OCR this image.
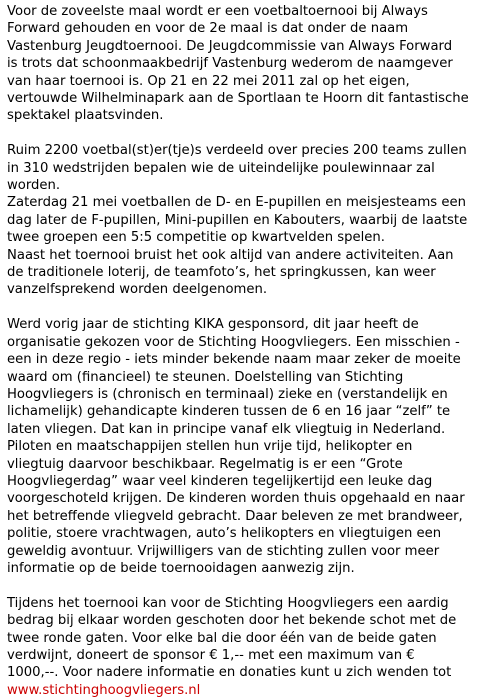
Voor de zoveelste maal wordt er een voetbaltoernooi bij Always
Forward gehouden en voor de 2e maal is dat onder de naam
Vastenburg Jeugdtoernooi. De Jeugdcommissie van Always Forward
is trots dat schoonmaakbedrijf Vastenburg wederom de naamgever
van haar toernooi is. Op 21 en 22 mei 2011 zal op het eigen,
vertouwde Wilhelminapark aan de Sportlaan te Hoorn dit fantastische
spektakel plaatsvinden.

Ruim 2200 voetbal(st)er(tje)s verdeeld over precies 200 teams zullen
in 310 wedstrijden bepalen wie de uiteindelijke poulewinnaar zal
worden.
Zaterdag 21 mei voetballen de D- en E-pupillen en meisjesteams een
dag later de F-pupillen, Mini-pupillen en Kabouters, waarbij de laatste
twee groepen een 5:5 competitie op kwartvelden spelen.
Naast het toernooi bruist het ook altijd van andere activiteiten. Aan
de traditionele loterij, de teamfoto’s, het springkussen, kan weer
vanzelfsprekend worden deelgenomen.

Werd vorig jaar de stichting KIKA gesponsord, dit jaar heeft de
organisatie gekozen voor de Stichting Hoogvliegers. Een misschien -
een in deze regio - iets minder bekende naam maar zeker de moeite
waard om (financieel) te steunen. Doelstelling van Stichting
Hoogvliegers is (chronisch en terminaal) zieke en (verstandelijk en
lichamelijk) gehandicapte kinderen tussen de 6 en 16 jaar “zelf” te
laten vliegen. Dat kan in principe vanaf elk vliegtuig in Nederland.
Piloten en maatschappijen stellen hun vrije tijd, helikopter en
vliegtuig daarvoor beschikbaar. Regelmatig is er een “Grote
Hoogvliegerdag” waar veel kinderen tegelijkertijd een leuke dag
voorgeschoteld krijgen. De kinderen worden thuis opgehaald en naar
het betreffende vliegveld gebracht. Daar beleven ze met brandweer,
politie, stoere vrachtwagen, auto’s helikopters en vliegtuigen een
geweldig avontuur. Vrijwilligers van de stichting zullen voor meer
informatie op de beide toernooidagen aanwezig zijn.

Tijdens het toernooi kan voor de Stichting Hoogvliegers een aardig
bedrag bij elkaar worden geschoten door het bekende schot met de
twee ronde gaten. Voor elke bal die door één van de beide gaten
verdwijnt, doneert de sponsor € 1,-- met een maximum van €
1000,--. Voor nadere informatie en donaties kunt u zich wenden tot
www.stichtinghoogvliegers.nl
